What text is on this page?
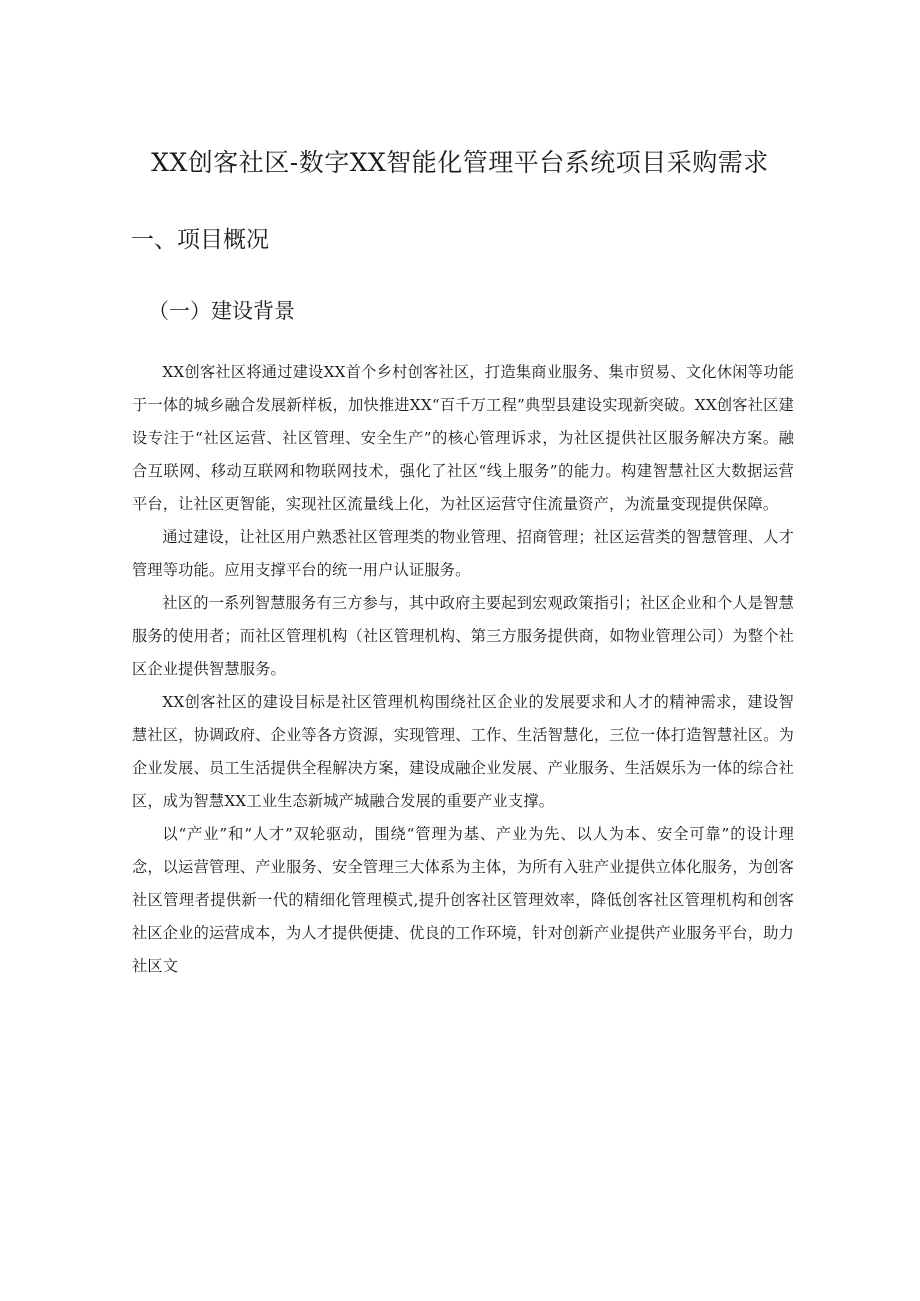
XX创客社区-数字XX智能化管理平台系统项目采购需求
一、项目概况
（一）建设背景

XX创客社区将通过建设XX首个乡村创客社区，打造集商业服务、集市贸易、文化休闲等功能于一体的城乡融合发展新样板，加快推进XX“百千万工程”典型县建设实现新突破。XX创客社区建设专注于“社区运营、社区管理、安全生产”的核心管理诉求，为社区提供社区服务解决方案。融合互联网、移动互联网和物联网技术，强化了社区“线上服务”的能力。构建智慧社区大数据运营平台，让社区更智能，实现社区流量线上化，为社区运营守住流量资产，为流量变现提供保障。

通过建设，让社区用户熟悉社区管理类的物业管理、招商管理；社区运营类的智慧管理、人才管理等功能。应用支撑平台的统一用户认证服务。

社区的一系列智慧服务有三方参与，其中政府主要起到宏观政策指引；社区企业和个人是智慧服务的使用者；而社区管理机构（社区管理机构、第三方服务提供商，如物业管理公司）为整个社区企业提供智慧服务。

XX创客社区的建设目标是社区管理机构围绕社区企业的发展要求和人才的精神需求，建设智慧社区，协调政府、企业等各方资源，实现管理、工作、生活智慧化，三位一体打造智慧社区。为企业发展、员工生活提供全程解决方案，建设成融企业发展、产业服务、生活娱乐为一体的综合社区，成为智慧XX工业生态新城产城融合发展的重要产业支撑。

以“产业”和“人才”双轮驱动，围绕“管理为基、产业为先、以人为本、安全可靠”的设计理念，以运营管理、产业服务、安全管理三大体系为主体，为所有入驻产业提供立体化服务，为创客社区管理者提供新一代的精细化管理模式,提升创客社区管理效率，降低创客社区管理机构和创客社区企业的运营成本，为人才提供便捷、优良的工作环境，针对创新产业提供产业服务平台，助力社区文
